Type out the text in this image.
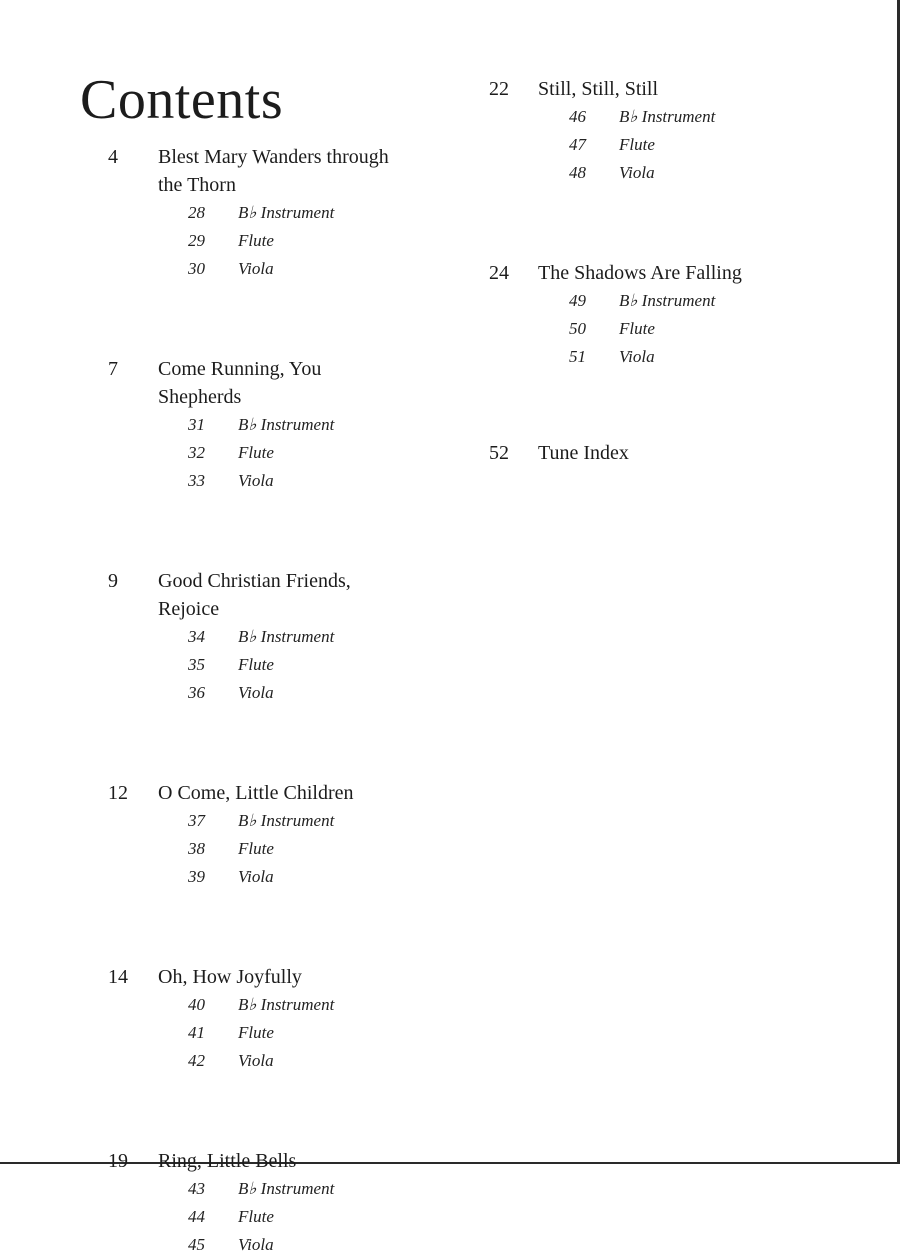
Contents
4	Blest Mary Wanders through
the Thorn
28	B♭ Instrument
29	Flute
30	Viola
7	Come Running, You Shepherds
31	B♭ Instrument
32	Flute
33	Viola
9	Good Christian Friends, Rejoice
34	B♭ Instrument
35	Flute
36	Viola
12	O Come, Little Children
37	B♭ Instrument
38	Flute
39	Viola
14	Oh, How Joyfully
40	B♭ Instrument
41	Flute
42	Viola
19	Ring, Little Bells
43	B♭ Instrument
44	Flute
45	Viola
22	Still, Still, Still
46	B♭ Instrument
47	Flute
48	Viola
24	The Shadows Are Falling
49	B♭ Instrument
50	Flute
51	Viola
52	Tune Index
